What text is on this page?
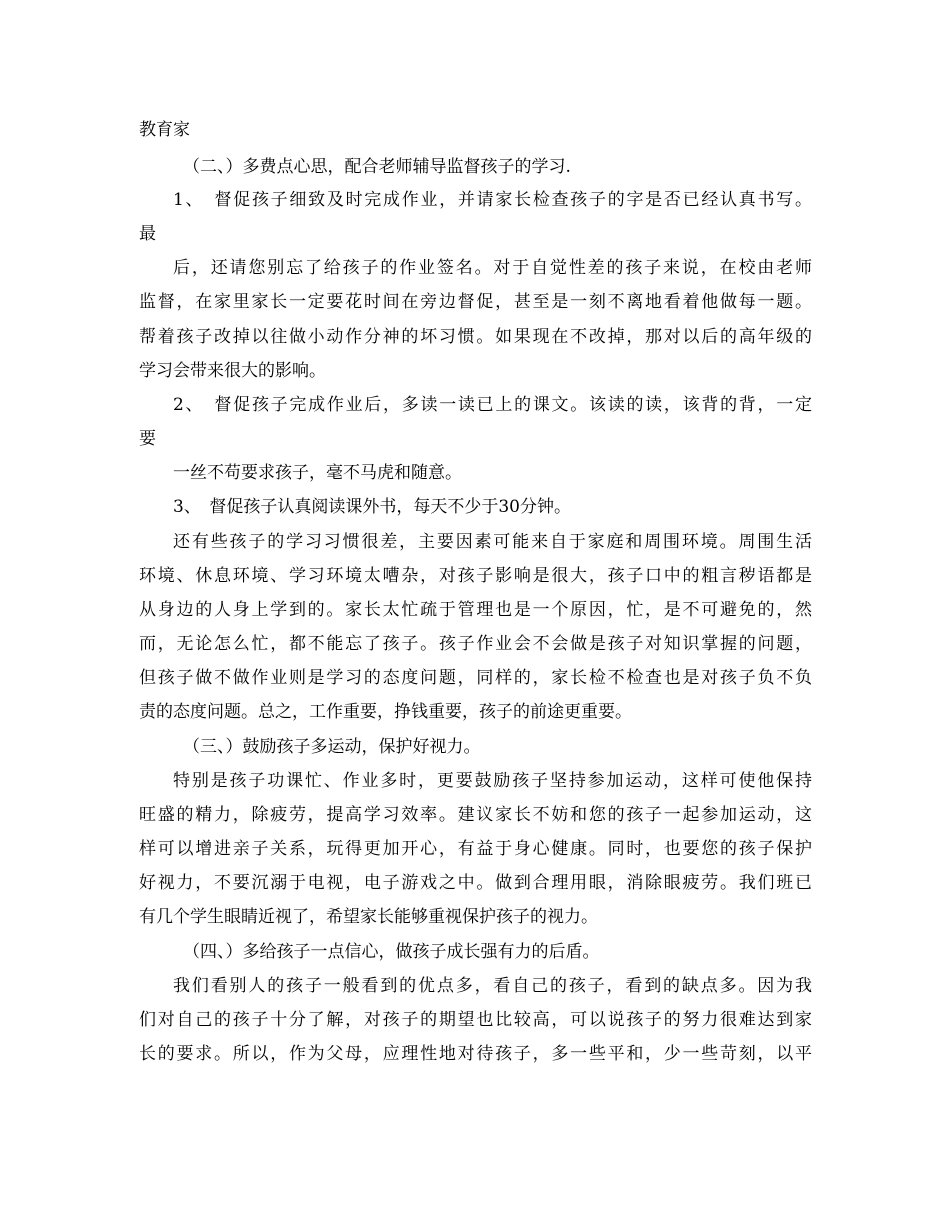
教育家
（二、）多费点心思，配合老师辅导监督孩子的学习.
1、　督促孩子细致及时完成作业，并请家长检查孩子的字是否已经认真书写。
最
后，还请您别忘了给孩子的作业签名。对于自觉性差的孩子来说，在校由老师
监督，在家里家长一定要花时间在旁边督促，甚至是一刻不离地看着他做每一题。
帮着孩子改掉以往做小动作分神的坏习惯。如果现在不改掉，那对以后的高年级的
学习会带来很大的影响。
2、　督促孩子完成作业后，多读一读已上的课文。该读的读，该背的背，一定
要
一丝不苟要求孩子，毫不马虎和随意。
3、　督促孩子认真阅读课外书，每天不少于30分钟。
还有些孩子的学习习惯很差，主要因素可能来自于家庭和周围环境。周围生活
环境、休息环境、学习环境太嘈杂，对孩子影响是很大，孩子口中的粗言秽语都是
从身边的人身上学到的。家长太忙疏于管理也是一个原因，忙，是不可避免的，然
而，无论怎么忙，都不能忘了孩子。孩子作业会不会做是孩子对知识掌握的问题，
但孩子做不做作业则是学习的态度问题，同样的，家长检不检查也是对孩子负不负
责的态度问题。总之，工作重要，挣钱重要，孩子的前途更重要。
（三、）鼓励孩子多运动，保护好视力。
特别是孩子功课忙、作业多时，更要鼓励孩子坚持参加运动，这样可使他保持
旺盛的精力，除疲劳，提高学习效率。建议家长不妨和您的孩子一起参加运动，这
样可以增进亲子关系，玩得更加开心，有益于身心健康。同时，也要您的孩子保护
好视力，不要沉溺于电视，电子游戏之中。做到合理用眼，消除眼疲劳。我们班已
有几个学生眼睛近视了，希望家长能够重视保护孩子的视力。
（四、）多给孩子一点信心，做孩子成长强有力的后盾。
我们看别人的孩子一般看到的优点多，看自己的孩子，看到的缺点多。因为我
们对自己的孩子十分了解，对孩子的期望也比较高，可以说孩子的努力很难达到家
长的要求。所以，作为父母，应理性地对待孩子，多一些平和，少一些苛刻，以平
